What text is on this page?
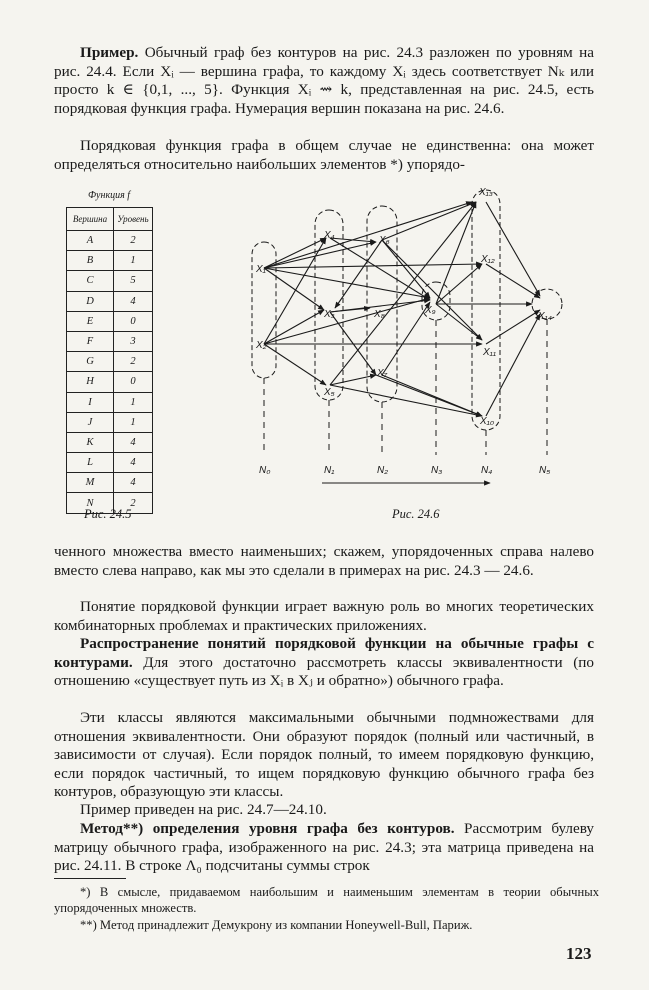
Пример. Обычный граф без контуров на рис. 24.3 разложен по уровням на рис. 24.4. Если Xᵢ — вершина графа, то каждому Xᵢ здесь соответствует Nₖ или просто k ∈ {0,1, ..., 5}. Функция Xᵢ ⇝ k, представленная на рис. 24.5, есть порядковая функция графа. Нумерация вершин показана на рис. 24.6.

Порядковая функция графа в общем случае не единственна: она может определяться относительно наибольших элементов *) упорядо-

Функция f
Вершина	Уровень
A	2
B	1
C	5
D	4
E	0
F	3
G	2
H	0
I	1
J	1
K	4
L	4
M	4
N	2
Рис. 24.5
X₁
X₂
X₃
X₄
X₅
X₆
X₇
X₈	X₉
X₁₀
X₁₁
X₁₂
X₁₃
X₁₄
N₀	N₁	N₂	N₃	N₄	N₅
Рис. 24.6

ченного множества вместо наименьших; скажем, упорядоченных справа налево вместо слева направо, как мы это сделали в примерах на рис. 24.3 — 24.6.

Понятие порядковой функции играет важную роль во многих теоретических комбинаторных проблемах и практических приложениях.

Распространение понятий порядковой функции на обычные графы с контурами. Для этого достаточно рассмотреть классы эквивалентности (по отношению «существует путь из Xᵢ в Xⱼ и обратно») обычного графа.

Эти классы являются максимальными обычными подмножествами для отношения эквивалентности. Они образуют порядок (полный или частичный, в зависимости от случая). Если порядок полный, то имеем порядковую функцию, если порядок частичный, то ищем порядковую функцию обычного графа без контуров, образующую эти классы.

Пример приведен на рис. 24.7—24.10.

Метод**) определения уровня графа без контуров. Рассмотрим булеву матрицу обычного графа, изображенного на рис. 24.3; эта матрица приведена на рис. 24.11. В строке Λ₀ подсчитаны суммы строк

*) В смысле, придаваемом наибольшим и наименьшим элементам в теории обычных упорядоченных множеств.

**) Метод принадлежит Демукрону из компании Honeywell-Bull, Париж.

123
